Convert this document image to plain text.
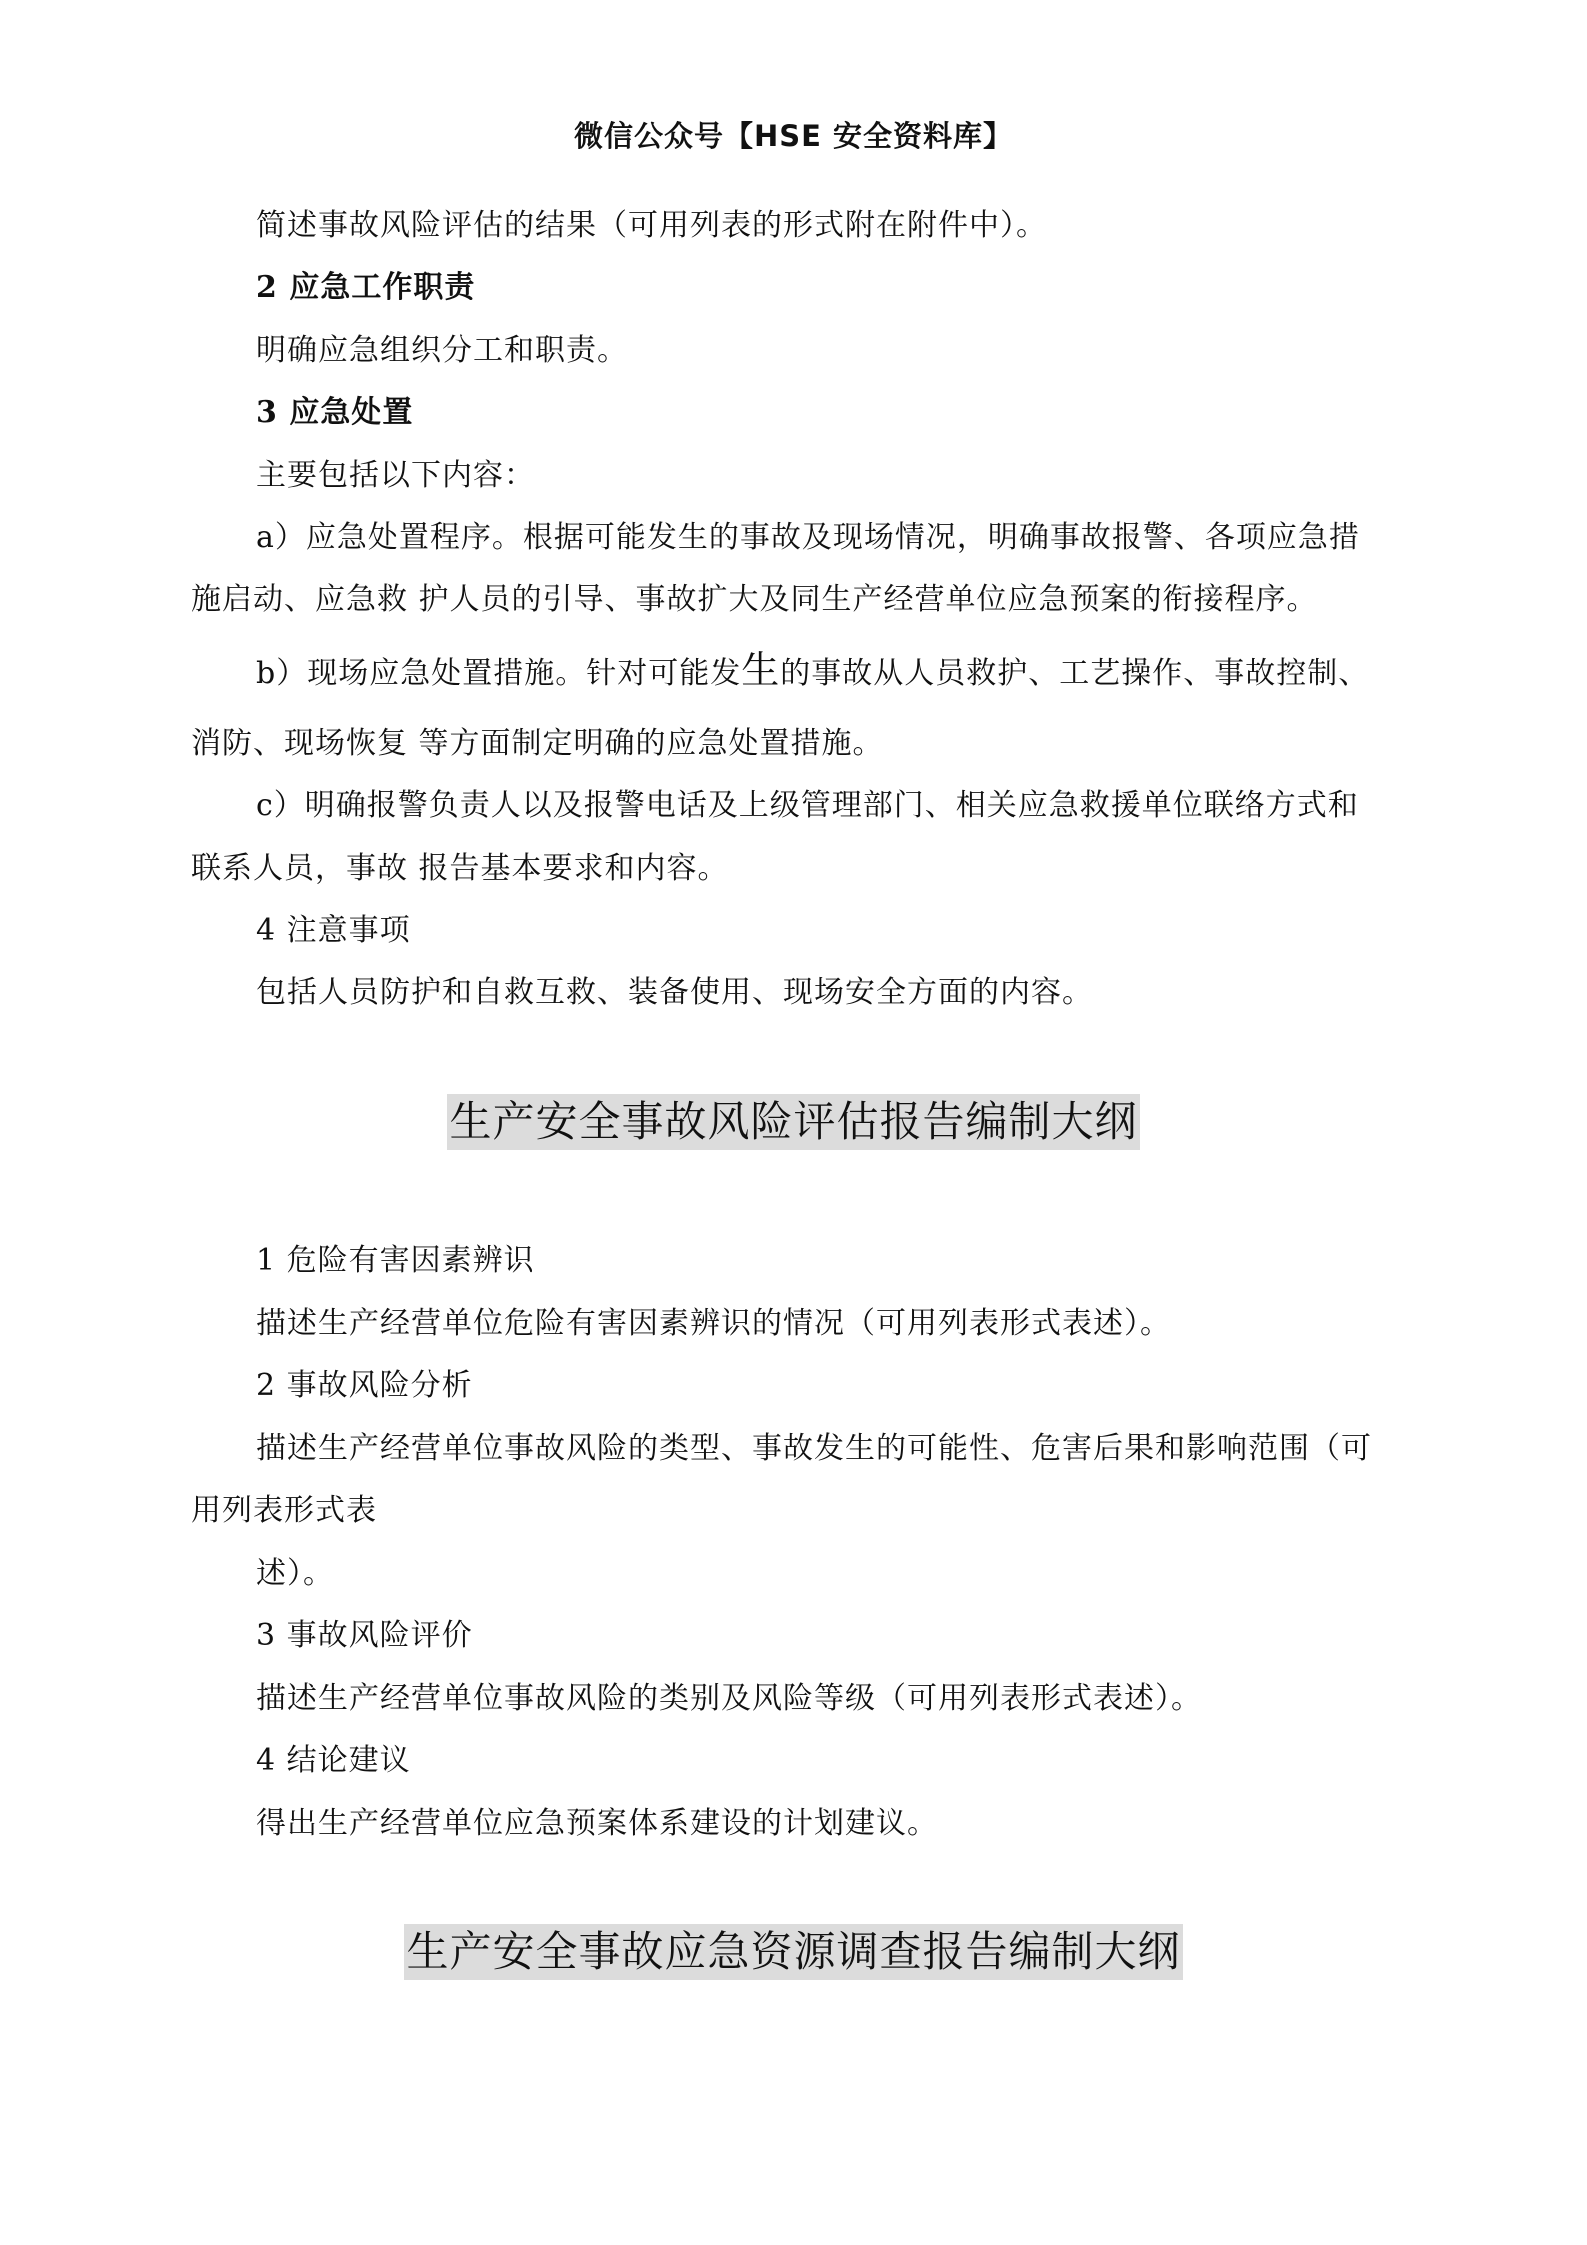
微信公众号【HSE 安全资料库】
简述事故风险评估的结果（可用列表的形式附在附件中）。
2 应急工作职责
明确应急组织分工和职责。
3 应急处置
主要包括以下内容：
a）应急处置程序。根据可能发生的事故及现场情况，明确事故报警、各项应急措
施启动、应急救 护人员的引导、事故扩大及同生产经营单位应急预案的衔接程序。
b）现场应急处置措施。针对可能发生的事故从人员救护、工艺操作、事故控制、
消防、现场恢复 等方面制定明确的应急处置措施。
c）明确报警负责人以及报警电话及上级管理部门、相关应急救援单位联络方式和
联系人员，事故 报告基本要求和内容。
4 注意事项
包括人员防护和自救互救、装备使用、现场安全方面的内容。
生产安全事故风险评估报告编制大纲
1 危险有害因素辨识
描述生产经营单位危险有害因素辨识的情况（可用列表形式表述）。
2 事故风险分析
描述生产经营单位事故风险的类型、事故发生的可能性、危害后果和影响范围（可
用列表形式表
述）。
3 事故风险评价
描述生产经营单位事故风险的类别及风险等级（可用列表形式表述）。
4 结论建议
得出生产经营单位应急预案体系建设的计划建议。
生产安全事故应急资源调查报告编制大纲
